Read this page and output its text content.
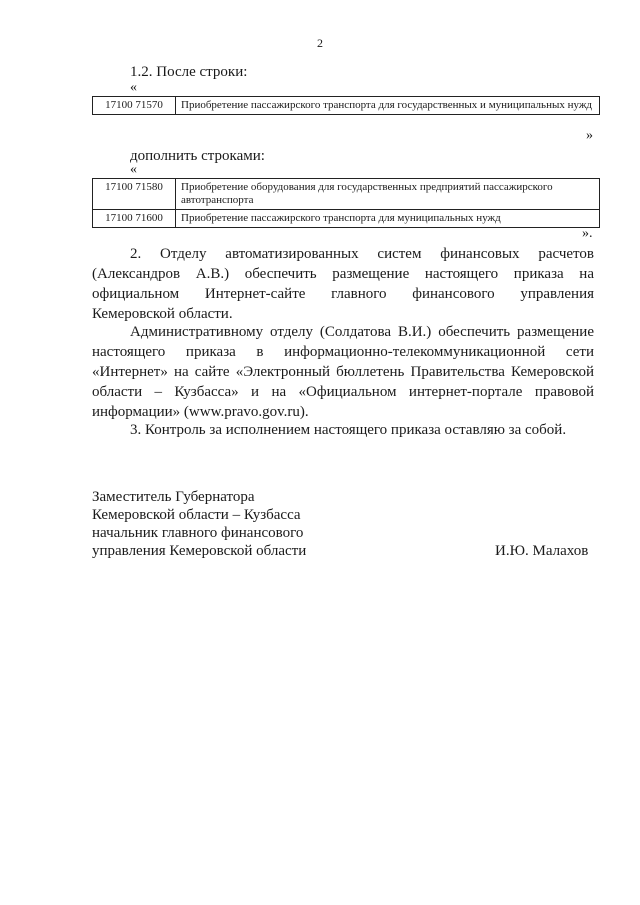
2
1.2. После строки:
«
17100 71570	Приобретение пассажирского транспорта для государственных и муниципальных нужд
»
дополнить строками:
«
17100 71580	Приобретение оборудования для государственных предприятий пассажирского автотранспорта
17100 71600	Приобретение пассажирского транспорта для муниципальных нужд
».
2. Отделу автоматизированных систем финансовых расчетов
(Александров А.В.) обеспечить размещение настоящего приказа на
официальном Интернет-сайте главного финансового управления
Кемеровской области.
Административному отделу (Солдатова В.И.) обеспечить размещение
настоящего приказа в информационно-телекоммуникационной сети
«Интернет» на сайте «Электронный бюллетень Правительства Кемеровской
области – Кузбасса» и на «Официальном интернет-портале правовой
информации» (www.pravo.gov.ru).
3. Контроль за исполнением настоящего приказа оставляю за собой.
Заместитель Губернатора
Кемеровской области – Кузбасса
начальник главного финансового
управления Кемеровской области	И.Ю. Малахов
